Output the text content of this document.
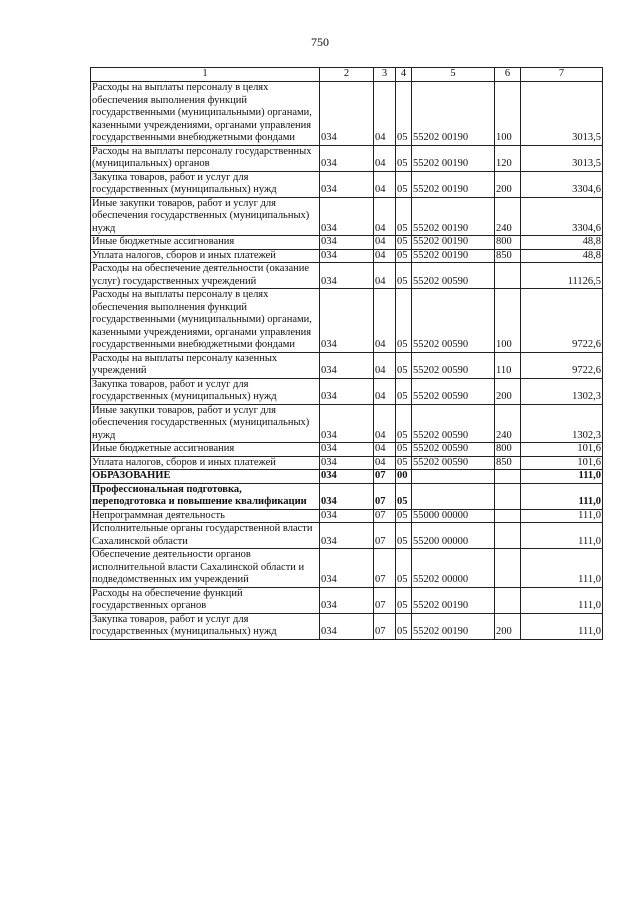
750
1	2	3	4	5	6	7
Расходы на выплаты персоналу в целях обеспечения выполнения функций государственными (муниципальными) органами, казенными учреждениями, органами управления государственными внебюджетными фондами	034	04	05	55202 00190	100	3013,5
Расходы на выплаты персоналу государственных (муниципальных) органов	034	04	05	55202 00190	120	3013,5
Закупка товаров, работ и услуг для государственных (муниципальных) нужд	034	04	05	55202 00190	200	3304,6
Иные закупки товаров, работ и услуг для обеспечения государственных (муниципальных) нужд	034	04	05	55202 00190	240	3304,6
Иные бюджетные ассигнования	034	04	05	55202 00190	800	48,8
Уплата налогов, сборов и иных платежей	034	04	05	55202 00190	850	48,8
Расходы на обеспечение деятельности (оказание услуг) государственных учреждений	034	04	05	55202 00590		11126,5
Расходы на выплаты персоналу в целях обеспечения выполнения функций государственными (муниципальными) органами, казенными учреждениями, органами управления государственными внебюджетными фондами	034	04	05	55202 00590	100	9722,6
Расходы на выплаты персоналу казенных учреждений	034	04	05	55202 00590	110	9722,6
Закупка товаров, работ и услуг для государственных (муниципальных) нужд	034	04	05	55202 00590	200	1302,3
Иные закупки товаров, работ и услуг для обеспечения государственных (муниципальных) нужд	034	04	05	55202 00590	240	1302,3
Иные бюджетные ассигнования	034	04	05	55202 00590	800	101,6
Уплата налогов, сборов и иных платежей	034	04	05	55202 00590	850	101,6
ОБРАЗОВАНИЕ	034	07	00			111,0
Профессиональная подготовка, переподготовка и повышение квалификации	034	07	05			111,0
Непрограммная деятельность	034	07	05	55000 00000		111,0
Исполнительные органы государственной власти Сахалинской области	034	07	05	55200 00000		111,0
Обеспечение деятельности органов исполнительной власти Сахалинской области и подведомственных им учреждений	034	07	05	55202 00000		111,0
Расходы на обеспечение функций государственных органов	034	07	05	55202 00190		111,0
Закупка товаров, работ и услуг для государственных (муниципальных) нужд	034	07	05	55202 00190	200	111,0
